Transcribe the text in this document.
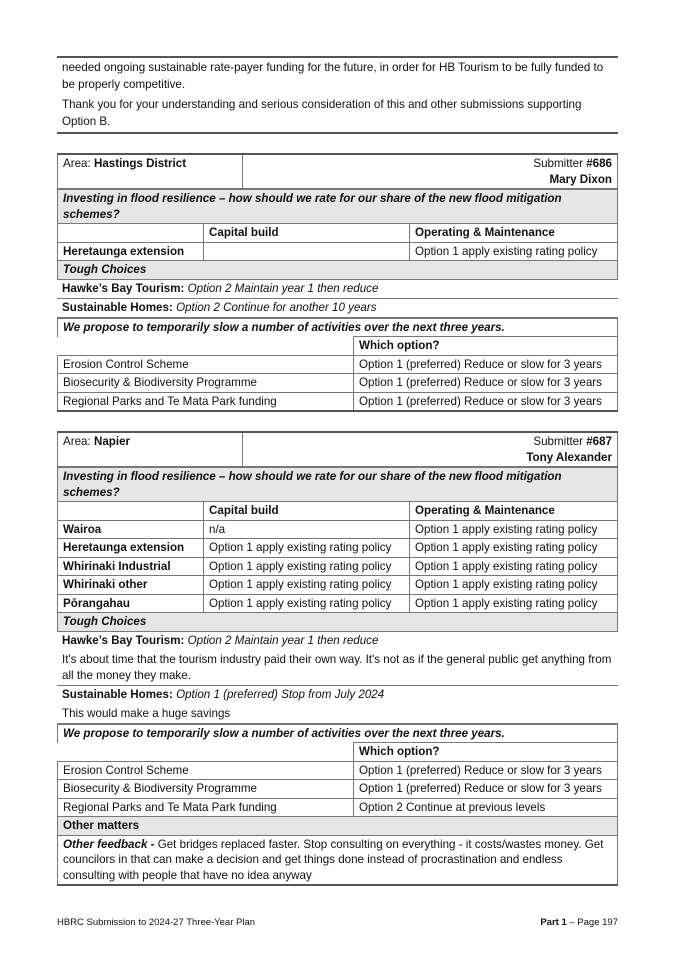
needed ongoing sustainable rate-payer funding for the future, in order for HB Tourism to be fully funded to be properly competitive.
Thank you for your understanding and serious consideration of this and other submissions supporting Option B.
Area: Hastings District	Submitter #686
Mary Dixon
Investing in flood resilience – how should we rate for our share of the new flood mitigation schemes?		
	Capital build	Operating & Maintenance
Heretaunga extension		Option 1 apply existing rating policy
Tough Choices		
Hawke’s Bay Tourism: Option 2 Maintain year 1 then reduce
Sustainable Homes: Option 2 Continue for another 10 years
We propose to temporarily slow a number of activities over the next three years.	
	Which option?
Erosion Control Scheme	Option 1 (preferred) Reduce or slow for 3 years
Biosecurity & Biodiversity Programme	Option 1 (preferred) Reduce or slow for 3 years
Regional Parks and Te Mata Park funding	Option 1 (preferred) Reduce or slow for 3 years
Area: Napier	Submitter #687
Tony Alexander
Investing in flood resilience – how should we rate for our share of the new flood mitigation schemes?		
	Capital build	Operating & Maintenance
Wairoa	n/a	Option 1 apply existing rating policy
Heretaunga extension	Option 1 apply existing rating policy	Option 1 apply existing rating policy
Whirinaki Industrial	Option 1 apply existing rating policy	Option 1 apply existing rating policy
Whirinaki other	Option 1 apply existing rating policy	Option 1 apply existing rating policy
Pōrangahau	Option 1 apply existing rating policy	Option 1 apply existing rating policy
Tough Choices		
Hawke’s Bay Tourism: Option 2 Maintain year 1 then reduce
It's about time that the tourism industry paid their own way. It's not as if the general public get anything from all the money they make.
Sustainable Homes: Option 1 (preferred) Stop from July 2024
This would make a huge savings
We propose to temporarily slow a number of activities over the next three years.	
	Which option?
Erosion Control Scheme	Option 1 (preferred) Reduce or slow for 3 years
Biosecurity & Biodiversity Programme	Option 1 (preferred) Reduce or slow for 3 years
Regional Parks and Te Mata Park funding	Option 2 Continue at previous levels
Other matters	
Other feedback - Get bridges replaced faster. Stop consulting on everything - it costs/wastes money. Get councilors in that can make a decision and get things done instead of procrastination and endless consulting with people that have no idea anyway	
HBRC Submission to 2024-27 Three-Year Plan	Part 1 – Page 197
